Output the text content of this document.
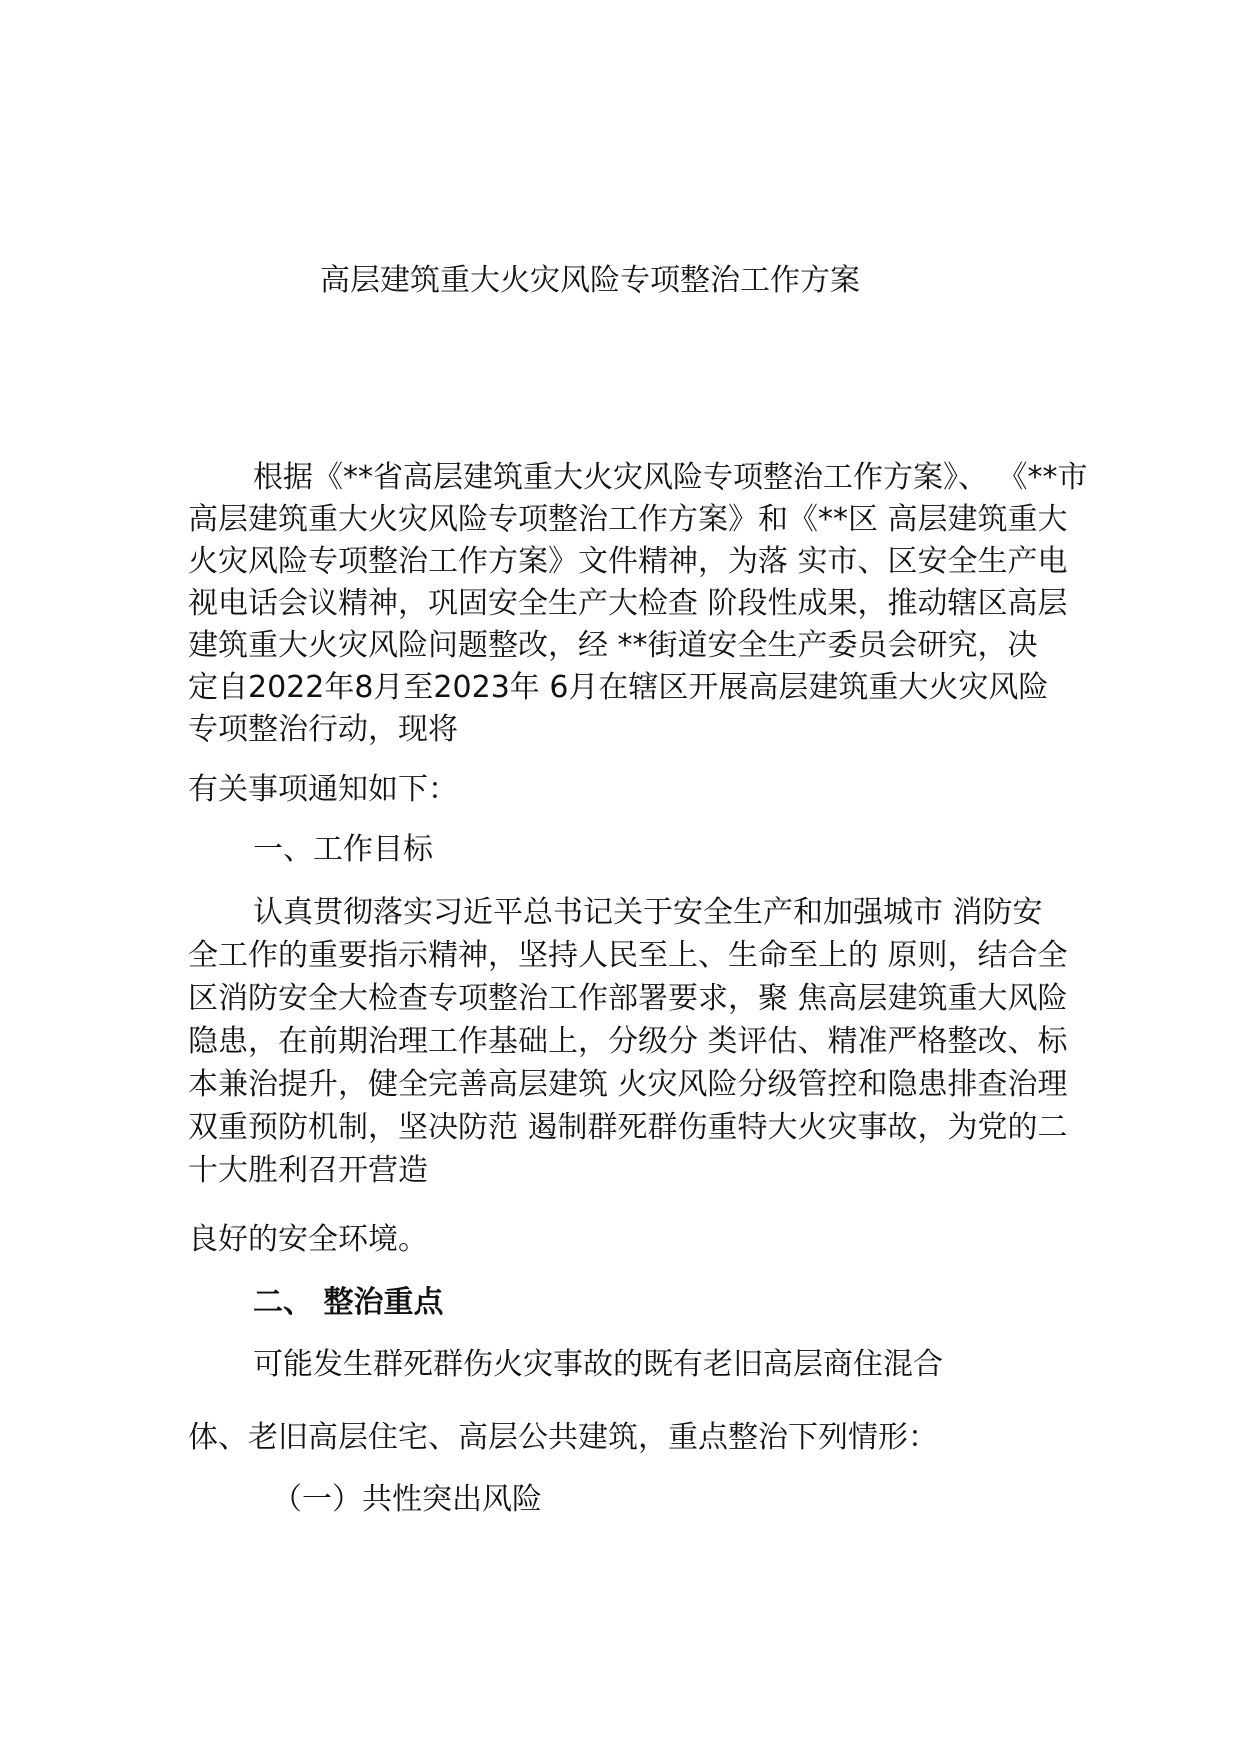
高层建筑重大火灾风险专项整治工作方案
根据《**省高层建筑重大火灾风险专项整治工作方案》、 《**市
高层建筑重大火灾风险专项整治工作方案》和《**区 高层建筑重大
火灾风险专项整治工作方案》文件精神，为落 实市、区安全生产电
视电话会议精神，巩固安全生产大检查 阶段性成果，推动辖区高层
建筑重大火灾风险问题整改，经 **街道安全生产委员会研究，决
定自2022年8月至2023年 6月在辖区开展高层建筑重大火灾风险
专项整治行动，现将
有关事项通知如下：
一、工作目标
认真贯彻落实习近平总书记关于安全生产和加强城市 消防安
全工作的重要指示精神，坚持人民至上、生命至上的 原则，结合全
区消防安全大检查专项整治工作部署要求，聚 焦高层建筑重大风险
隐患，在前期治理工作基础上，分级分 类评估、精准严格整改、标
本兼治提升，健全完善高层建筑 火灾风险分级管控和隐患排查治理
双重预防机制，坚决防范 遏制群死群伤重特大火灾事故，为党的二
十大胜利召开营造
良好的安全环境。
二、 整治重点
可能发生群死群伤火灾事故的既有老旧高层商住混合
体、老旧高层住宅、高层公共建筑，重点整治下列情形：
（一）共性突出风险
